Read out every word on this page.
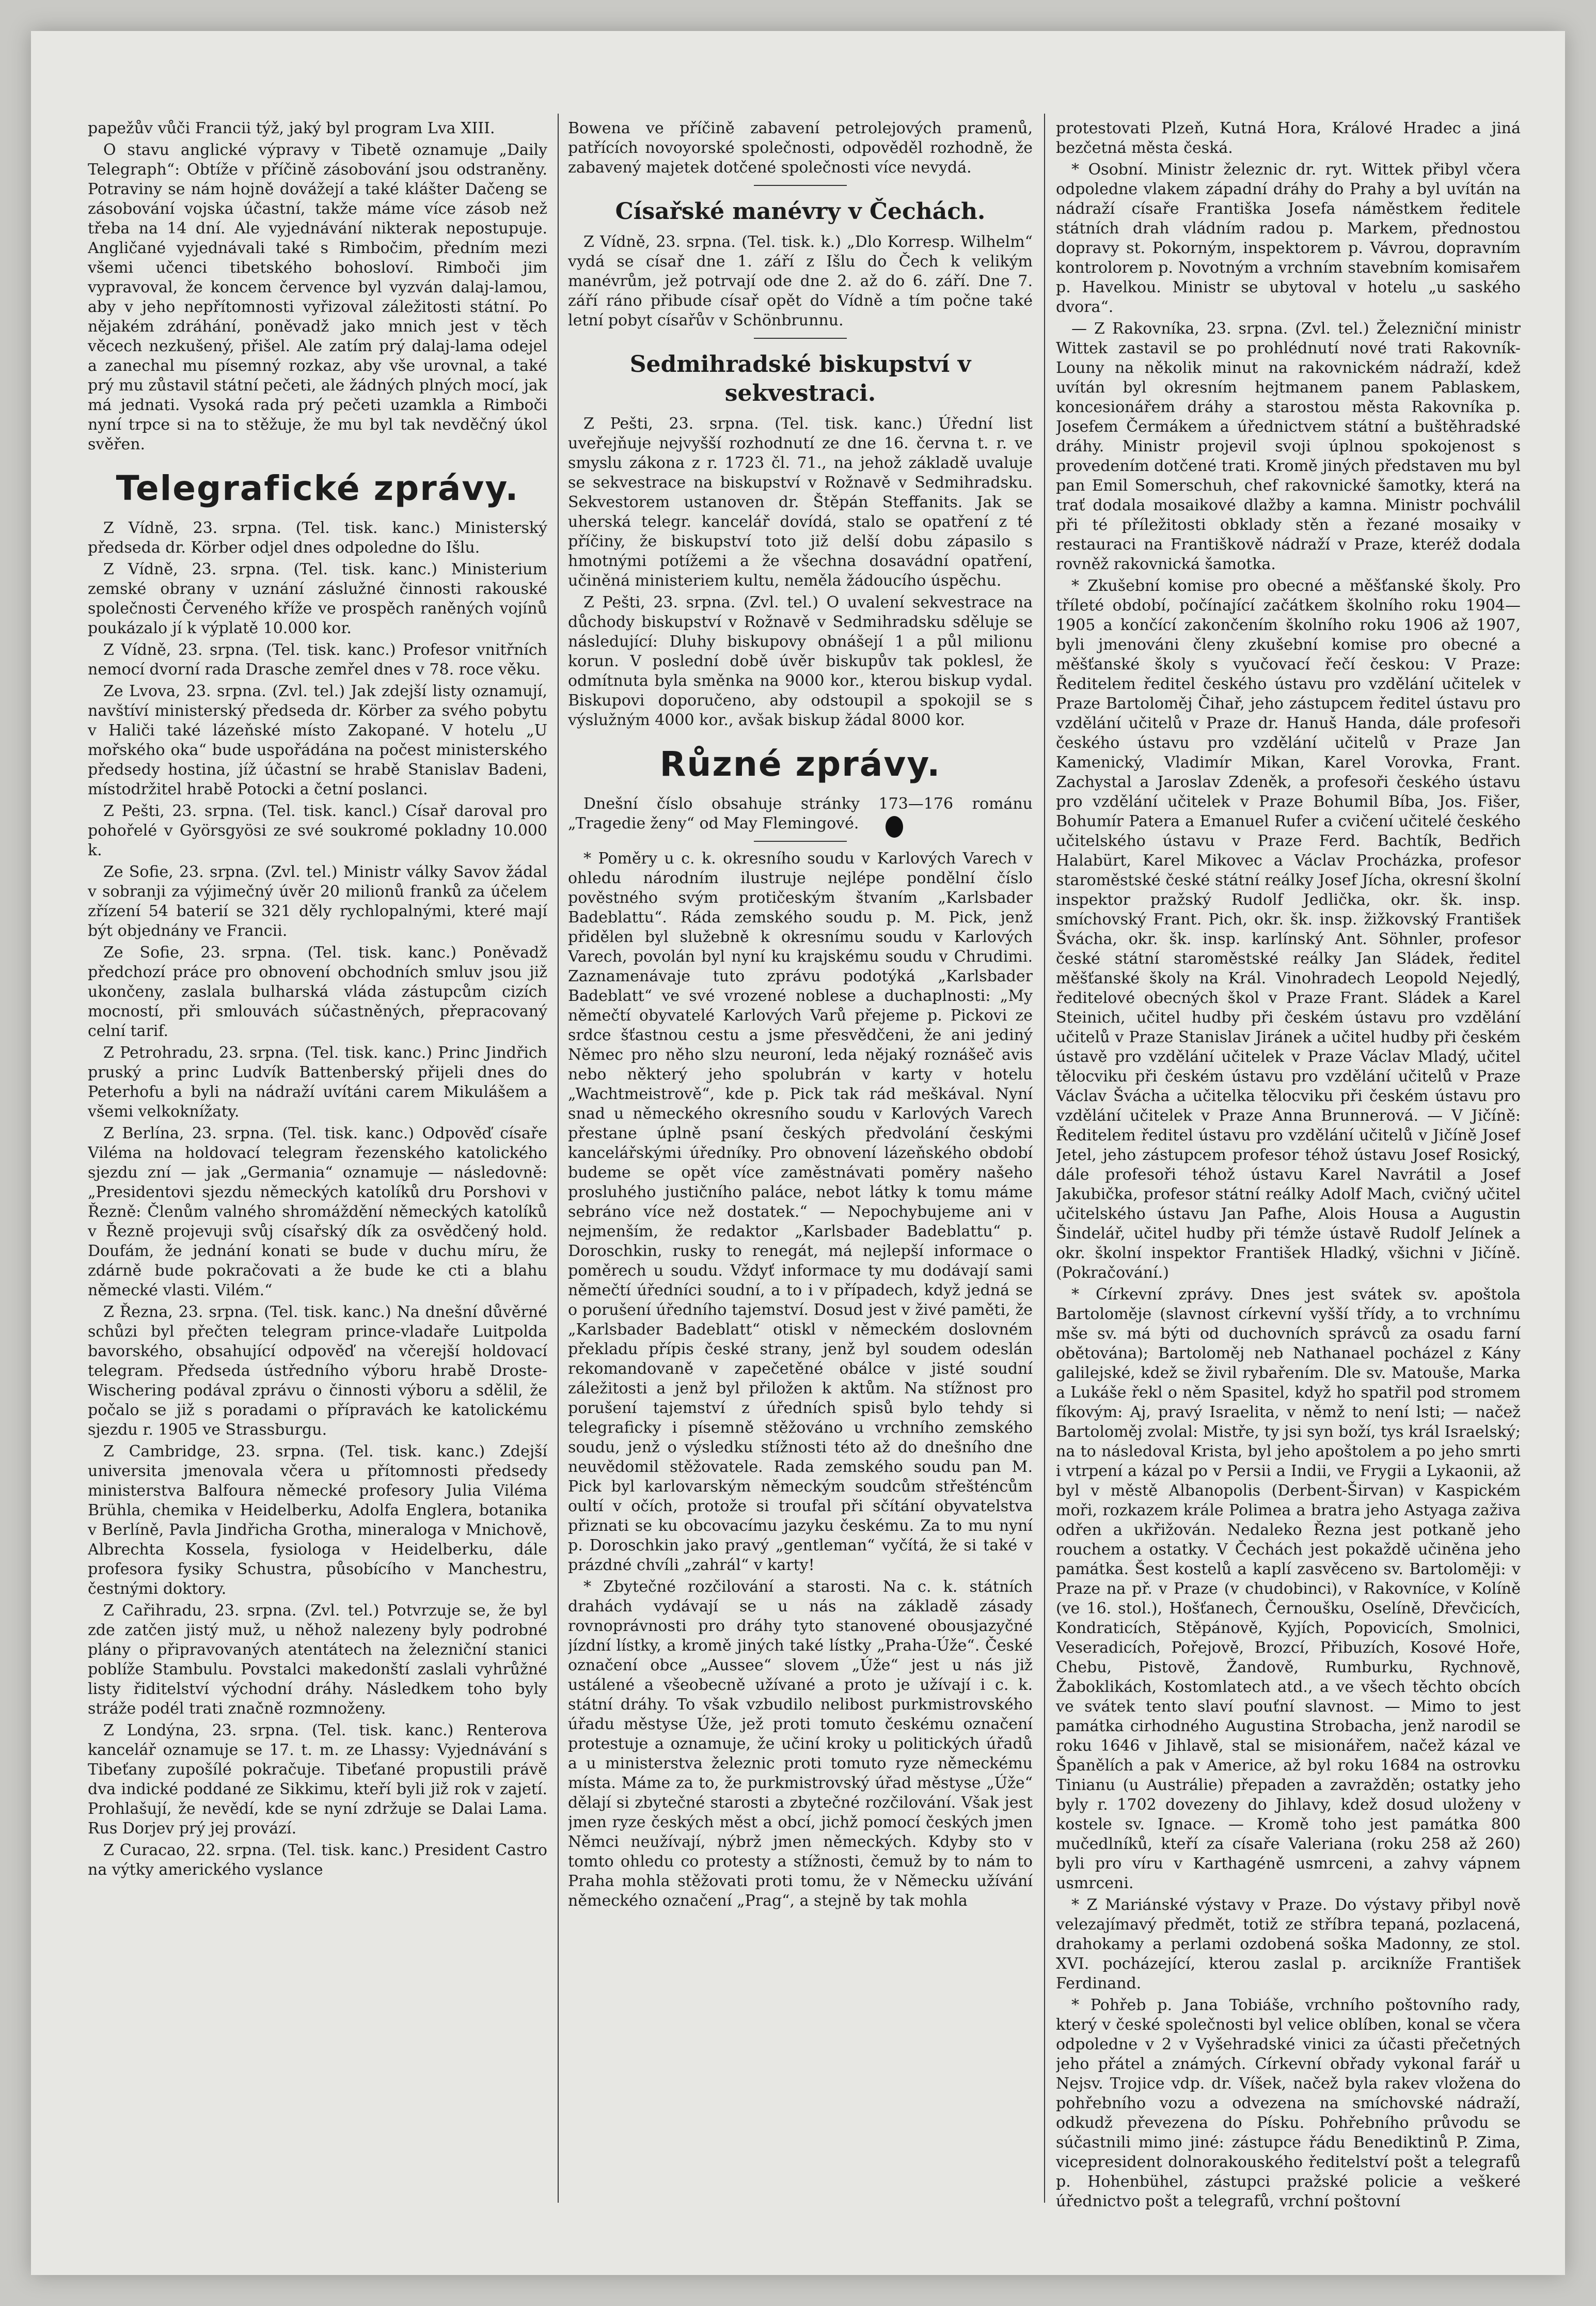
papežův vůči Francii týž, jaký byl program Lva XIII.

O stavu anglické výpravy v Tibetě oznamuje „Daily Telegraph“: Obtíže v příčině zásobování jsou odstraněny. Potraviny se nám hojně dovážejí a také klášter Dačeng se zásobování vojska účastní, takže máme více zásob než třeba na 14 dní. Ale vyjednávání nikterak nepostupuje. Angličané vyjednávali také s Rimbočim, předním mezi všemi učenci tibetského bohosloví. Rimboči jim vypravoval, že koncem července byl vyzván dalaj-lamou, aby v jeho nepřítomnosti vyřizoval záležitosti státní. Po nějakém zdráhání, poněvadž jako mnich jest v těch věcech nezkušený, přišel. Ale zatím prý dalaj-lama odejel a zanechal mu písemný rozkaz, aby vše urovnal, a také prý mu zůstavil státní pečeti, ale žádných plných mocí, jak má jednati. Vysoká rada prý pečeti uzamkla a Rimboči nyní trpce si na to stěžuje, že mu byl tak nevděčný úkol svěřen.

Telegrafické zprávy.

Z Vídně, 23. srpna. (Tel. tisk. kanc.) Ministerský předseda dr. Körber odjel dnes odpoledne do Išlu.

Z Vídně, 23. srpna. (Tel. tisk. kanc.) Ministerium zemské obrany v uznání záslužné činnosti rakouské společnosti Červeného kříže ve prospěch raněných vojínů poukázalo jí k výplatě 10.000 kor.

Z Vídně, 23. srpna. (Tel. tisk. kanc.) Profesor vnitřních nemocí dvorní rada Drasche zemřel dnes v 78. roce věku.

Ze Lvova, 23. srpna. (Zvl. tel.) Jak zdejší listy oznamují, navštíví ministerský předseda dr. Körber za svého pobytu v Haliči také lázeňské místo Zakopané. V hotelu „U mořského oka“ bude uspořádána na počest ministerského předsedy hostina, jíž účastní se hrabě Stanislav Badeni, místodržitel hrabě Potocki a četní poslanci.

Z Pešti, 23. srpna. (Tel. tisk. kancl.) Císař daroval pro pohořelé v Györsgyösi ze své soukromé pokladny 10.000 k.

Ze Sofie, 23. srpna. (Zvl. tel.) Ministr války Savov žádal v sobranji za výjimečný úvěr 20 milionů franků za účelem zřízení 54 baterií se 321 děly rychlopalnými, které mají být objednány ve Francii.

Ze Sofie, 23. srpna. (Tel. tisk. kanc.) Poněvadž předchozí práce pro obnovení obchodních smluv jsou již ukončeny, zaslala bulharská vláda zástupcům cizích mocností, při smlouvách súčastněných, přepracovaný celní tarif.

Z Petrohradu, 23. srpna. (Tel. tisk. kanc.) Princ Jindřich pruský a princ Ludvík Battenberský přijeli dnes do Peterhofu a byli na nádraží uvítáni carem Mikulášem a všemi velkoknížaty.

Z Berlína, 23. srpna. (Tel. tisk. kanc.) Odpověď císaře Viléma na holdovací telegram řezenského katolického sjezdu zní — jak „Germania“ oznamuje — následovně: „Presidentovi sjezdu německých katolíků dru Porshovi v Řezně: Členům valného shromáždění německých katolíků v Řezně projevuji svůj císařský dík za osvědčený hold. Doufám, že jednání konati se bude v duchu míru, že zdárně bude pokračovati a že bude ke cti a blahu německé vlasti. Vilém.“

Z Řezna, 23. srpna. (Tel. tisk. kanc.) Na dnešní důvěrné schůzi byl přečten telegram prince-vladaře Luitpolda bavorského, obsahující odpověď na včerejší holdovací telegram. Předseda ústředního výboru hrabě Droste-Wischering podával zprávu o činnosti výboru a sdělil, že počalo se již s poradami o přípravách ke katolickému sjezdu r. 1905 ve Strassburgu.

Z Cambridge, 23. srpna. (Tel. tisk. kanc.) Zdejší universita jmenovala včera u přítomnosti předsedy ministerstva Balfoura německé profesory Julia Viléma Brühla, chemika v Heidelberku, Adolfa Englera, botanika v Berlíně, Pavla Jindřicha Grotha, mineraloga v Mnichově, Albrechta Kossela, fysiologa v Heidelberku, dále profesora fysiky Schustra, působícího v Manchestru, čestnými doktory.

Z Cařihradu, 23. srpna. (Zvl. tel.) Potvrzuje se, že byl zde zatčen jistý muž, u něhož nalezeny byly podrobné plány o připravovaných atentátech na železniční stanici poblíže Stambulu. Povstalci makedonští zaslali vyhrůžné listy řiditelství východní dráhy. Následkem toho byly stráže podél trati značně rozmnoženy.

Z Londýna, 23. srpna. (Tel. tisk. kanc.) Renterova kancelář oznamuje se 17. t. m. ze Lhassy: Vyjednávání s Tibeťany zupošílé pokračuje. Tibeťané propustili právě dva indické poddané ze Sikkimu, kteří byli již rok v zajetí. Prohlašují, že nevědí, kde se nyní zdržuje se Dalai Lama. Rus Dorjev prý jej provází.

Z Curacao, 22. srpna. (Tel. tisk. kanc.) President Castro na výtky amerického vyslance

Bowena ve příčině zabavení petrolejových pramenů, patřících novoyorské společnosti, odpověděl rozhodně, že zabavený majetek dotčené společnosti více nevydá.

Císařské manévry v Čechách.

Z Vídně, 23. srpna. (Tel. tisk. k.) „Dlo Korresp. Wilhelm“ vydá se císař dne 1. září z Išlu do Čech k velikým manévrům, jež potrvají ode dne 2. až do 6. září. Dne 7. září ráno přibude císař opět do Vídně a tím počne také letní pobyt císařův v Schönbrunnu.

Sedmihradské biskupství v sekvestraci.

Z Pešti, 23. srpna. (Tel. tisk. kanc.) Úřední list uveřejňuje nejvyšší rozhodnutí ze dne 16. června t. r. ve smyslu zákona z r. 1723 čl. 71., na jehož základě uvaluje se sekvestrace na biskupství v Rožnavě v Sedmihradsku. Sekvestorem ustanoven dr. Štěpán Steffanits. Jak se uherská telegr. kancelář dovídá, stalo se opatření z té příčiny, že biskupství toto již delší dobu zápasilo s hmotnými potížemi a že všechna dosavádní opatření, učiněná ministeriem kultu, neměla žádoucího úspěchu.

Z Pešti, 23. srpna. (Zvl. tel.) O uvalení sekvestrace na důchody biskupství v Rožnavě v Sedmihradsku sděluje se následující: Dluhy biskupovy obnášejí 1 a půl milionu korun. V poslední době úvěr biskupův tak poklesl, že odmítnuta byla směnka na 9000 kor., kterou biskup vydal. Biskupovi doporučeno, aby odstoupil a spokojil se s výslužným 4000 kor., avšak biskup žádal 8000 kor.

Různé zprávy.

Dnešní číslo obsahuje stránky 173—176 románu „Tragedie ženy“ od May Flemingové.

* Poměry u c. k. okresního soudu v Karlových Varech v ohledu národním ilustruje nejlépe pondělní číslo pověstného svým protičeským štvaním „Karlsbader Badeblattu“. Ráda zemského soudu p. M. Pick, jenž přidělen byl služebně k okresnímu soudu v Karlových Varech, povolán byl nyní ku krajskému soudu v Chrudimi. Zaznamenávaje tuto zprávu podotýká „Karlsbader Badeblatt“ ve své vrozené noblese a duchaplnosti: „My němečtí obyvatelé Karlových Varů přejeme p. Pickovi ze srdce šťastnou cestu a jsme přesvědčeni, že ani jediný Němec pro něho slzu neuroní, leda nějaký roznášeč avis nebo některý jeho spolubrán v karty v hotelu „Wachtmeistrově“, kde p. Pick tak rád meškával. Nyní snad u německého okresního soudu v Karlových Varech přestane úplně psaní českých předvolání českými kancelářskými úředníky. Pro obnovení lázeňského období budeme se opět více zaměstnávati poměry našeho prosluhého justičního paláce, nebot látky k tomu máme sebráno více než dostatek.“ — Nepochybujeme ani v nejmenším, že redaktor „Karlsbader Badeblattu“ p. Doroschkin, rusky to renegát, má nejlepší informace o poměrech u soudu. Vždyť informace ty mu dodávají sami němečtí úředníci soudní, a to i v případech, když jedná se o porušení úředního tajemství. Dosud jest v živé paměti, že „Karlsbader Badeblatt“ otiskl v německém doslovném překladu přípis české strany, jenž byl soudem odeslán rekomandovaně v zapečetěné obálce v jisté soudní záležitosti a jenž byl přiložen k aktům. Na stížnost pro porušení tajemství z úředních spisů bylo tehdy si telegraficky i písemně stěžováno u vrchního zemského soudu, jenž o výsledku stížnosti této až do dnešního dne neuvědomil stěžovatele. Rada zemského soudu pan M. Pick byl karlovarským německým soudcům střešténcům oultí v očích, protože si troufal při sčítání obyvatelstva přiznati se ku obcovacímu jazyku českému. Za to mu nyní p. Doroschkin jako pravý „gentleman“ vyčítá, že si také v prázdné chvíli „zahrál“ v karty!

* Zbytečné rozčilování a starosti. Na c. k. státních drahách vydávají se u nás na základě zásady rovnoprávnosti pro dráhy tyto stanovené obousjazyčné jízdní lístky, a kromě jiných také lístky „Praha-Úže“. České označení obce „Aussee“ slovem „Úže“ jest u nás již ustálené a všeobecně užívané a proto je užívají i c. k. státní dráhy. To však vzbudilo nelibost purkmistrovského úřadu městyse Úže, jež proti tomuto českému označení protestuje a oznamuje, že učiní kroky u politických úřadů a u ministerstva železnic proti tomuto ryze německému místa. Máme za to, že purkmistrovský úřad městyse „Úže“ dělají si zbytečné starosti a zbytečné rozčilování. Však jest jmen ryze českých měst a obcí, jichž pomocí českých jmen Němci neužívají, nýbrž jmen německých. Kdyby sto v tomto ohledu co protesty a stížnosti, čemuž by to nám to Praha mohla stěžovati proti tomu, že v Německu užívání německého označení „Prag“, a stejně by tak mohla

protestovati Plzeň, Kutná Hora, Králové Hradec a jiná bezčetná města česká.

* Osobní. Ministr železnic dr. ryt. Wittek přibyl včera odpoledne vlakem západní dráhy do Prahy a byl uvítán na nádraží císaře Františka Josefa náměstkem ředitele státních drah vládním radou p. Markem, přednostou dopravy st. Pokorným, inspektorem p. Vávrou, dopravním kontrolorem p. Novotným a vrchním stavebním komisařem p. Havelkou. Ministr se ubytoval v hotelu „u saského dvora“.

— Z Rakovníka, 23. srpna. (Zvl. tel.) Železniční ministr Wittek zastavil se po prohlédnutí nové trati Rakovník-Louny na několik minut na rakovnickém nádraží, kdež uvítán byl okresním hejtmanem panem Pablaskem, koncesionářem dráhy a starostou města Rakovníka p. Josefem Čermákem a úřednictvem státní a buštěhradské dráhy. Ministr projevil svoji úplnou spokojenost s provedením dotčené trati. Kromě jiných představen mu byl pan Emil Somerschuh, chef rakovnické šamotky, která na trať dodala mosaikové dlažby a kamna. Ministr pochválil při té příležitosti obklady stěn a řezané mosaiky v restauraci na Františkově nádraží v Praze, kteréž dodala rovněž rakovnická šamotka.

* Zkušební komise pro obecné a měšťanské školy. Pro tříleté období, počínající začátkem školního roku 1904—1905 a končící zakončením školního roku 1906 až 1907, byli jmenováni členy zkušební komise pro obecné a měšťanské školy s vyučovací řečí českou: V Praze: Ředitelem ředitel českého ústavu pro vzdělání učitelek v Praze Bartoloměj Čihař, jeho zástupcem ředitel ústavu pro vzdělání učitelů v Praze dr. Hanuš Handa, dále profesoři českého ústavu pro vzdělání učitelů v Praze Jan Kamenický, Vladimír Mikan, Karel Vorovka, Frant. Zachystal a Jaroslav Zdeněk, a profesoři českého ústavu pro vzdělání učitelek v Praze Bohumil Bíba, Jos. Fišer, Bohumír Patera a Emanuel Rufer a cvičení učitelé českého učitelského ústavu v Praze Ferd. Bachtík, Bedřich Halabürt, Karel Mikovec a Václav Procházka, profesor staroměstské české státní reálky Josef Jícha, okresní školní inspektor pražský Rudolf Jedlička, okr. šk. insp. smíchovský Frant. Pich, okr. šk. insp. žižkovský František Švácha, okr. šk. insp. karlínský Ant. Söhnler, profesor české státní staroměstské reálky Jan Sládek, ředitel měšťanské školy na Král. Vinohradech Leopold Nejedlý, ředitelové obecných škol v Praze Frant. Sládek a Karel Steinich, učitel hudby při českém ústavu pro vzdělání učitelů v Praze Stanislav Jiránek a učitel hudby při českém ústavě pro vzdělání učitelek v Praze Václav Mladý, učitel tělocviku při českém ústavu pro vzdělání učitelů v Praze Václav Švácha a učitelka tělocviku při českém ústavu pro vzdělání učitelek v Praze Anna Brunnerová. — V Jičíně: Ředitelem ředitel ústavu pro vzdělání učitelů v Jičíně Josef Jetel, jeho zástupcem profesor téhož ústavu Josef Rosický, dále profesoři téhož ústavu Karel Navrátil a Josef Jakubička, profesor státní reálky Adolf Mach, cvičný učitel učitelského ústavu Jan Pafhe, Alois Housa a Augustin Šindelář, učitel hudby při témže ústavě Rudolf Jelínek a okr. školní inspektor František Hladký, všichni v Jičíně. (Pokračování.)

* Církevní zprávy. Dnes jest svátek sv. apoštola Bartoloměje (slavnost církevní vyšší třídy, a to vrchnímu mše sv. má býti od duchovních správců za osadu farní obětována); Bartoloměj neb Nathanael pocházel z Kány galilejské, kdež se živil rybařením. Dle sv. Matouše, Marka a Lukáše řekl o něm Spasitel, když ho spatřil pod stromem fíkovým: Aj, pravý Israelita, v němž to není lsti; — načež Bartoloměj zvolal: Mistře, ty jsi syn boží, tys král Israelský; na to následoval Krista, byl jeho apoštolem a po jeho smrti i vtrpení a kázal po v Persii a Indii, ve Frygii a Lykaonii, až byl v městě Albanopolis (Derbent-Širvan) v Kaspickém moři, rozkazem krále Polimea a bratra jeho Astyaga zaživa odřen a ukřižován. Nedaleko Řezna jest potkaně jeho rouchem a ostatky. V Čechách jest pokaždě učiněna jeho památka. Šest kostelů a kaplí zasvěceno sv. Bartoloměji: v Praze na př. v Praze (v chudobinci), v Rakovníce, v Kolíně (ve 16. stol.), Hošťanech, Černoušku, Oselíně, Dřevčicích, Kondraticích, Stěpánově, Kyjích, Popovicích, Smolnici, Veseradicích, Pořejově, Brozcí, Přibuzích, Kosové Hoře, Chebu, Pistově, Žandově, Rumburku, Rychnově, Žaboklikách, Kostomlatech atd., a ve všech těchto obcích ve svátek tento slaví pouťní slavnost. — Mimo to jest památka cirhodného Augustina Strobacha, jenž narodil se roku 1646 v Jihlavě, stal se misionářem, načež kázal ve Španělích a pak v Americe, až byl roku 1684 na ostrovku Tinianu (u Austrálie) přepaden a zavražděn; ostatky jeho byly r. 1702 dovezeny do Jihlavy, kdež dosud uloženy v kostele sv. Ignace. — Kromě toho jest památka 800 mučedlníků, kteří za císaře Valeriana (roku 258 až 260) byli pro víru v Karthagéně usmrceni, a zahvy vápnem usmrceni.

* Z Mariánské výstavy v Praze. Do výstavy přibyl nově velezajímavý předmět, totiž ze stříbra tepaná, pozlacená, drahokamy a perlami ozdobená soška Madonny, ze stol. XVI. pocházející, kterou zaslal p. arcikníže František Ferdinand.

* Pohřeb p. Jana Tobiáše, vrchního poštovního rady, který v české společnosti byl velice oblíben, konal se včera odpoledne v 2 v Vyšehradské vinici za účasti přečetných jeho přátel a známých. Církevní obřady vykonal farář u Nejsv. Trojice vdp. dr. Víšek, načež byla rakev vložena do pohřebního vozu a odvezena na smíchovské nádraží, odkudž převezena do Písku. Pohřebního průvodu se súčastnili mimo jiné: zástupce řádu Benediktinů P. Zima, vicepresident dolnorakouského ředitelství pošt a telegrafů p. Hohenbühel, zástupci pražské policie a veškeré úřednictvo pošt a telegrafů, vrchní poštovní
